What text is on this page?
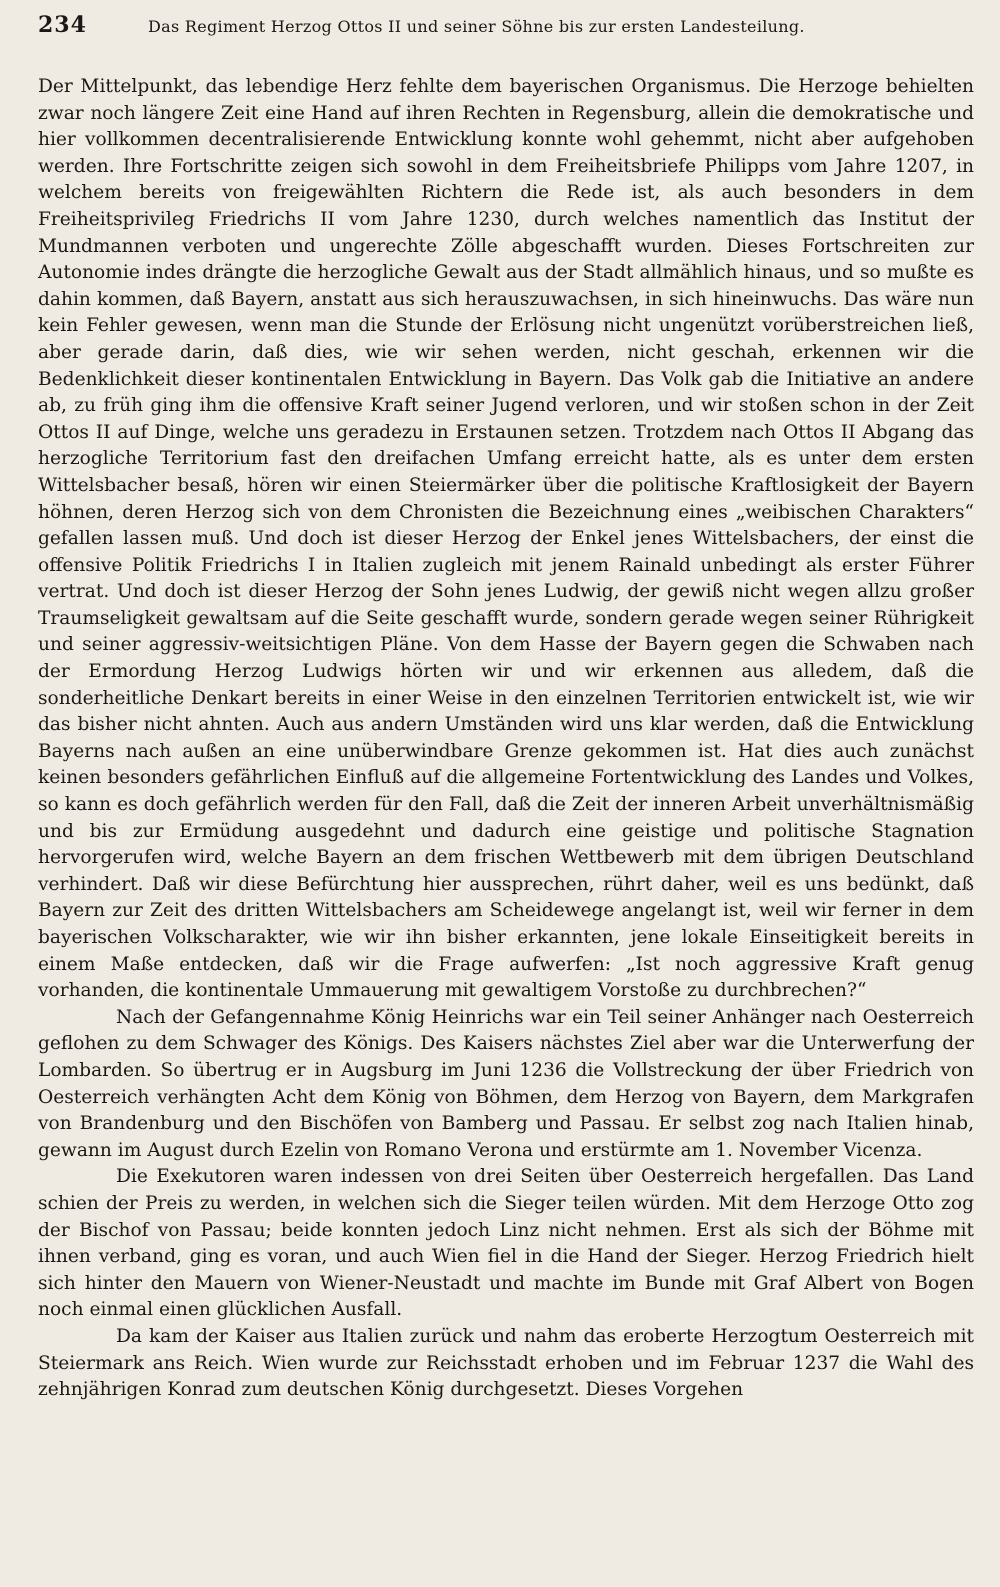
234	Das Regiment Herzog Ottos II und seiner Söhne bis zur ersten Landesteilung.

Der Mittelpunkt, das lebendige Herz fehlte dem bayerischen Organismus. Die Herzoge behielten zwar noch längere Zeit eine Hand auf ihren Rechten in Regensburg, allein die demokratische und hier vollkommen decentralisierende Entwicklung konnte wohl gehemmt, nicht aber aufgehoben werden. Ihre Fortschritte zeigen sich sowohl in dem Freiheitsbriefe Philipps vom Jahre 1207, in welchem bereits von freigewählten Richtern die Rede ist, als auch besonders in dem Freiheitsprivileg Friedrichs II vom Jahre 1230, durch welches namentlich das Institut der Mundmannen verboten und ungerechte Zölle abgeschafft wurden. Dieses Fortschreiten zur Autonomie indes drängte die herzogliche Gewalt aus der Stadt allmählich hinaus, und so mußte es dahin kommen, daß Bayern, anstatt aus sich herauszuwachsen, in sich hineinwuchs. Das wäre nun kein Fehler gewesen, wenn man die Stunde der Erlösung nicht ungenützt vorüberstreichen ließ, aber gerade darin, daß dies, wie wir sehen werden, nicht geschah, erkennen wir die Bedenklichkeit dieser kontinentalen Entwicklung in Bayern. Das Volk gab die Initiative an andere ab, zu früh ging ihm die offensive Kraft seiner Jugend verloren, und wir stoßen schon in der Zeit Ottos II auf Dinge, welche uns geradezu in Erstaunen setzen. Trotzdem nach Ottos II Abgang das herzogliche Territorium fast den dreifachen Umfang erreicht hatte, als es unter dem ersten Wittelsbacher besaß, hören wir einen Steiermärker über die politische Kraftlosigkeit der Bayern höhnen, deren Herzog sich von dem Chronisten die Bezeichnung eines „weibischen Charakters“ gefallen lassen muß. Und doch ist dieser Herzog der Enkel jenes Wittelsbachers, der einst die offensive Politik Friedrichs I in Italien zugleich mit jenem Rainald unbedingt als erster Führer vertrat. Und doch ist dieser Herzog der Sohn jenes Ludwig, der gewiß nicht wegen allzu großer Traumseligkeit gewaltsam auf die Seite geschafft wurde, sondern gerade wegen seiner Rührigkeit und seiner aggressiv-weitsichtigen Pläne. Von dem Hasse der Bayern gegen die Schwaben nach der Ermordung Herzog Ludwigs hörten wir und wir erkennen aus alledem, daß die sonderheitliche Denkart bereits in einer Weise in den einzelnen Territorien entwickelt ist, wie wir das bisher nicht ahnten. Auch aus andern Umständen wird uns klar werden, daß die Entwicklung Bayerns nach außen an eine unüberwindbare Grenze gekommen ist. Hat dies auch zunächst keinen besonders gefährlichen Einfluß auf die allgemeine Fortentwicklung des Landes und Volkes, so kann es doch gefährlich werden für den Fall, daß die Zeit der inneren Arbeit unverhältnismäßig und bis zur Ermüdung ausgedehnt und dadurch eine geistige und politische Stagnation hervorgerufen wird, welche Bayern an dem frischen Wettbewerb mit dem übrigen Deutschland verhindert. Daß wir diese Befürchtung hier aussprechen, rührt daher, weil es uns bedünkt, daß Bayern zur Zeit des dritten Wittelsbachers am Scheidewege angelangt ist, weil wir ferner in dem bayerischen Volkscharakter, wie wir ihn bisher erkannten, jene lokale Einseitigkeit bereits in einem Maße entdecken, daß wir die Frage aufwerfen: „Ist noch aggressive Kraft genug vorhanden, die kontinentale Ummauerung mit gewaltigem Vorstoße zu durchbrechen?“

Nach der Gefangennahme König Heinrichs war ein Teil seiner Anhänger nach Oesterreich geflohen zu dem Schwager des Königs. Des Kaisers nächstes Ziel aber war die Unterwerfung der Lombarden. So übertrug er in Augsburg im Juni 1236 die Vollstreckung der über Friedrich von Oesterreich verhängten Acht dem König von Böhmen, dem Herzog von Bayern, dem Markgrafen von Brandenburg und den Bischöfen von Bamberg und Passau. Er selbst zog nach Italien hinab, gewann im August durch Ezelin von Romano Verona und erstürmte am 1. November Vicenza.

Die Exekutoren waren indessen von drei Seiten über Oesterreich hergefallen. Das Land schien der Preis zu werden, in welchen sich die Sieger teilen würden. Mit dem Herzoge Otto zog der Bischof von Passau; beide konnten jedoch Linz nicht nehmen. Erst als sich der Böhme mit ihnen verband, ging es voran, und auch Wien fiel in die Hand der Sieger. Herzog Friedrich hielt sich hinter den Mauern von Wiener-Neustadt und machte im Bunde mit Graf Albert von Bogen noch einmal einen glücklichen Ausfall.

Da kam der Kaiser aus Italien zurück und nahm das eroberte Herzogtum Oesterreich mit Steiermark ans Reich. Wien wurde zur Reichsstadt erhoben und im Februar 1237 die Wahl des zehnjährigen Konrad zum deutschen König durchgesetzt. Dieses Vorgehen
